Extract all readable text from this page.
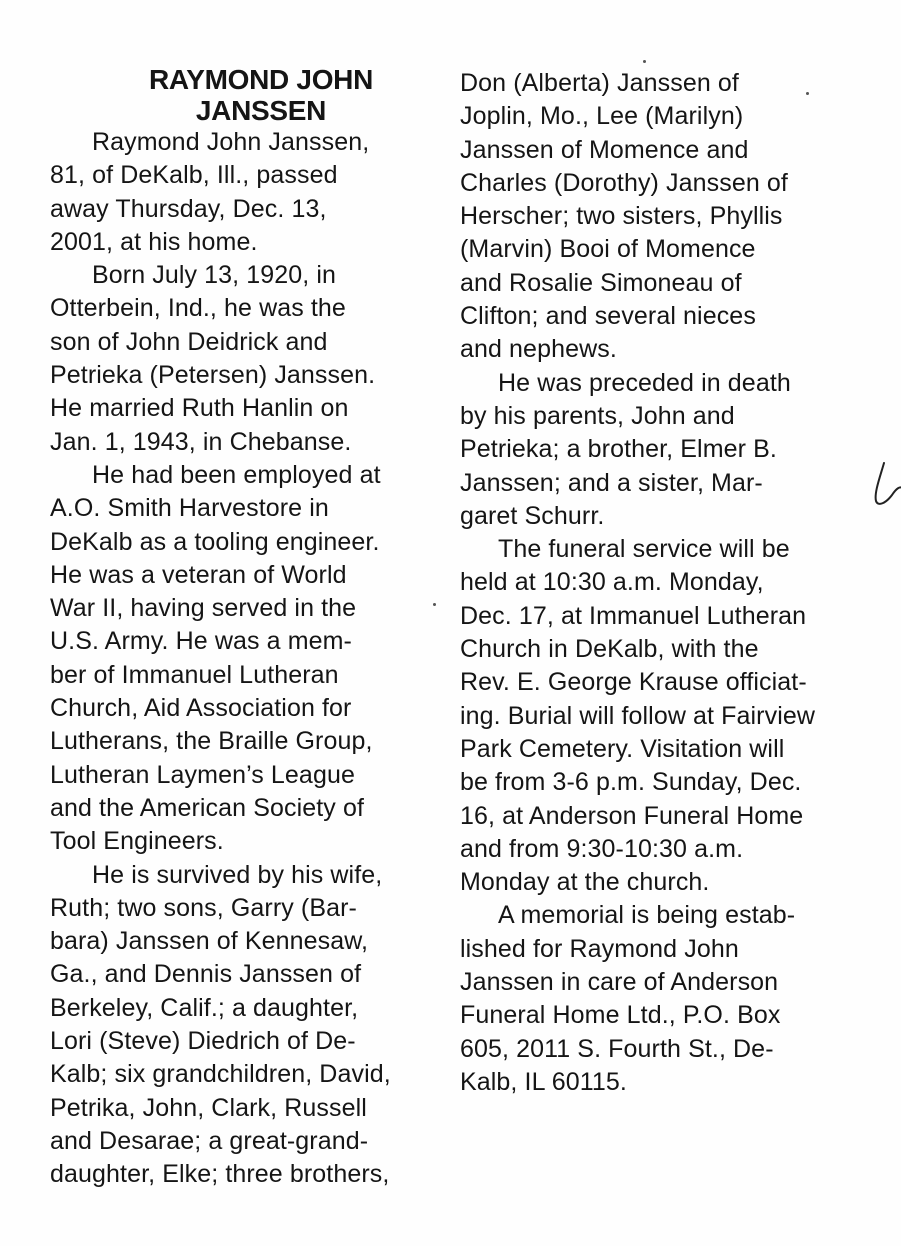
RAYMOND JOHN
JANSSEN
Raymond John Janssen,
81, of DeKalb, Ill., passed
away Thursday, Dec. 13,
2001, at his home.
Born July 13, 1920, in
Otterbein, Ind., he was the
son of John Deidrick and
Petrieka (Petersen) Janssen.
He married Ruth Hanlin on
Jan. 1, 1943, in Chebanse.
He had been employed at
A.O. Smith Harvestore in
DeKalb as a tooling engineer.
He was a veteran of World
War II, having served in the
U.S. Army. He was a mem-
ber of Immanuel Lutheran
Church, Aid Association for
Lutherans, the Braille Group,
Lutheran Laymen’s League
and the American Society of
Tool Engineers.
He is survived by his wife,
Ruth; two sons, Garry (Bar-
bara) Janssen of Kennesaw,
Ga., and Dennis Janssen of
Berkeley, Calif.; a daughter,
Lori (Steve) Diedrich of De-
Kalb; six grandchildren, David,
Petrika, John, Clark, Russell
and Desarae; a great-grand-
daughter, Elke; three brothers,
Don (Alberta) Janssen of
Joplin, Mo., Lee (Marilyn)
Janssen of Momence and
Charles (Dorothy) Janssen of
Herscher; two sisters, Phyllis
(Marvin) Booi of Momence
and Rosalie Simoneau of
Clifton; and several nieces
and nephews.
He was preceded in death
by his parents, John and
Petrieka; a brother, Elmer B.
Janssen; and a sister, Mar-
garet Schurr.
The funeral service will be
held at 10:30 a.m. Monday,
Dec. 17, at Immanuel Lutheran
Church in DeKalb, with the
Rev. E. George Krause officiat-
ing. Burial will follow at Fairview
Park Cemetery. Visitation will
be from 3-6 p.m. Sunday, Dec.
16, at Anderson Funeral Home
and from 9:30-10:30 a.m.
Monday at the church.
A memorial is being estab-
lished for Raymond John
Janssen in care of Anderson
Funeral Home Ltd., P.O. Box
605, 2011 S. Fourth St., De-
Kalb, IL 60115.
